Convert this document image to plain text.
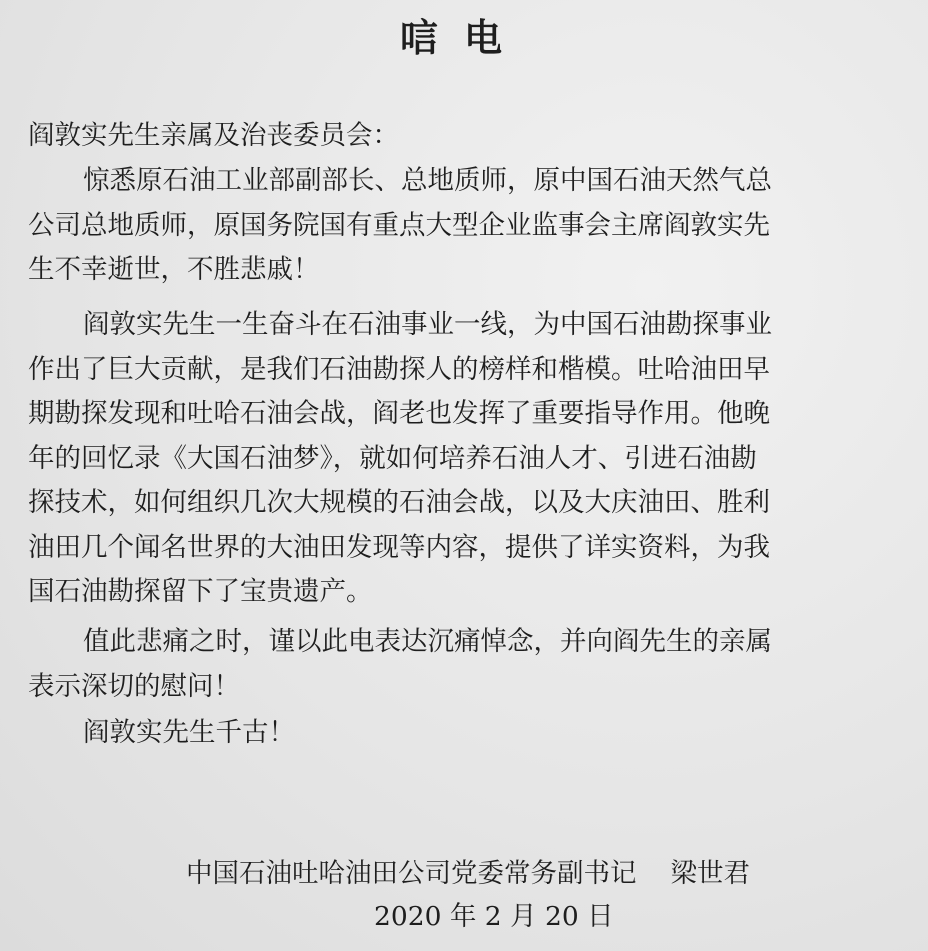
唁电
阎敦实先生亲属及治丧委员会：
惊悉原石油工业部副部长、总地质师，原中国石油天然气总
公司总地质师，原国务院国有重点大型企业监事会主席阎敦实先
生不幸逝世，不胜悲戚！
阎敦实先生一生奋斗在石油事业一线，为中国石油勘探事业
作出了巨大贡献，是我们石油勘探人的榜样和楷模。吐哈油田早
期勘探发现和吐哈石油会战，阎老也发挥了重要指导作用。他晚
年的回忆录《大国石油梦》，就如何培养石油人才、引进石油勘
探技术，如何组织几次大规模的石油会战，以及大庆油田、胜利
油田几个闻名世界的大油田发现等内容，提供了详实资料，为我
国石油勘探留下了宝贵遗产。
值此悲痛之时，谨以此电表达沉痛悼念，并向阎先生的亲属
表示深切的慰问！
阎敦实先生千古！
中国石油吐哈油田公司党委常务副书记 梁世君
2020 年 2 月 20 日
